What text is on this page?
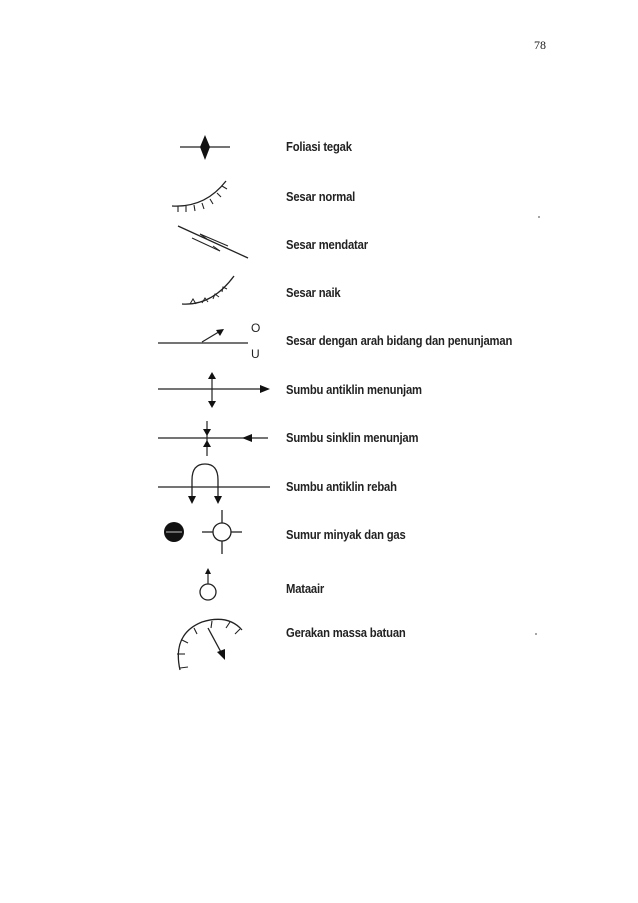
78
Foliasi tegak
Sesar normal
Sesar mendatar
Sesar naik
O
U
Sesar dengan arah bidang dan penunjaman
Sumbu antiklin menunjam
Sumbu sinklin menunjam
Sumbu antiklin rebah
Sumur minyak dan gas
Mataair
Gerakan massa batuan
